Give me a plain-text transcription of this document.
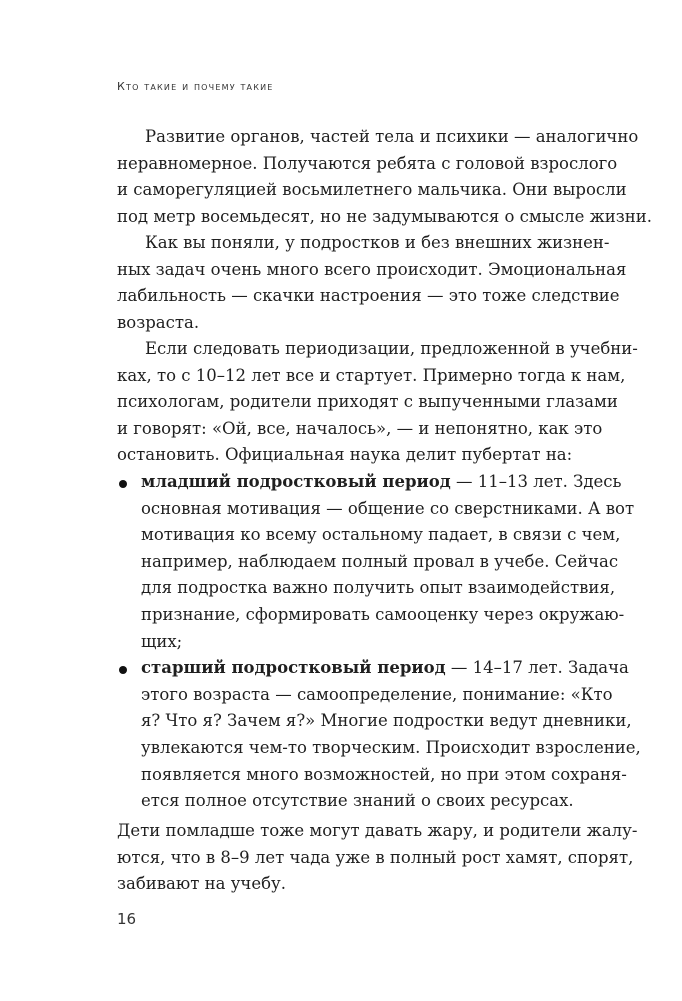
Кто такие и почему такие
Развитие органов, частей тела и психики — аналогично
неравномерное. Получаются ребята с головой взрослого
и саморегуляцией восьмилетнего мальчика. Они выросли
под метр восемьдесят, но не задумываются о смысле жизни.
Как вы поняли, у подростков и без внешних жизнен-
ных задач очень много всего происходит. Эмоциональная
лабильность — скачки настроения — это тоже следствие
возраста.
Если следовать периодизации, предложенной в учебни-
ках, то с 10–12 лет все и стартует. Примерно тогда к нам,
психологам, родители приходят с выпученными глазами
и говорят: «Ой, все, началось», — и непонятно, как это
остановить. Официальная наука делит пубертат на:
младший подростковый период — 11–13 лет. Здесь
основная мотивация — общение со сверстниками. А вот
мотивация ко всему остальному падает, в связи с чем,
например, наблюдаем полный провал в учебе. Сейчас
для подростка важно получить опыт взаимодействия,
признание, сформировать самооценку через окружаю-
щих;
старший подростковый период — 14–17 лет. Задача
этого возраста — самоопределение, понимание: «Кто
я? Что я? Зачем я?» Многие подростки ведут дневники,
увлекаются чем-то творческим. Происходит взросление,
появляется много возможностей, но при этом сохраня-
ется полное отсутствие знаний о своих ресурсах.
Дети помладше тоже могут давать жару, и родители жалу-
ются, что в 8–9 лет чада уже в полный рост хамят, спорят,
забивают на учебу.
16
